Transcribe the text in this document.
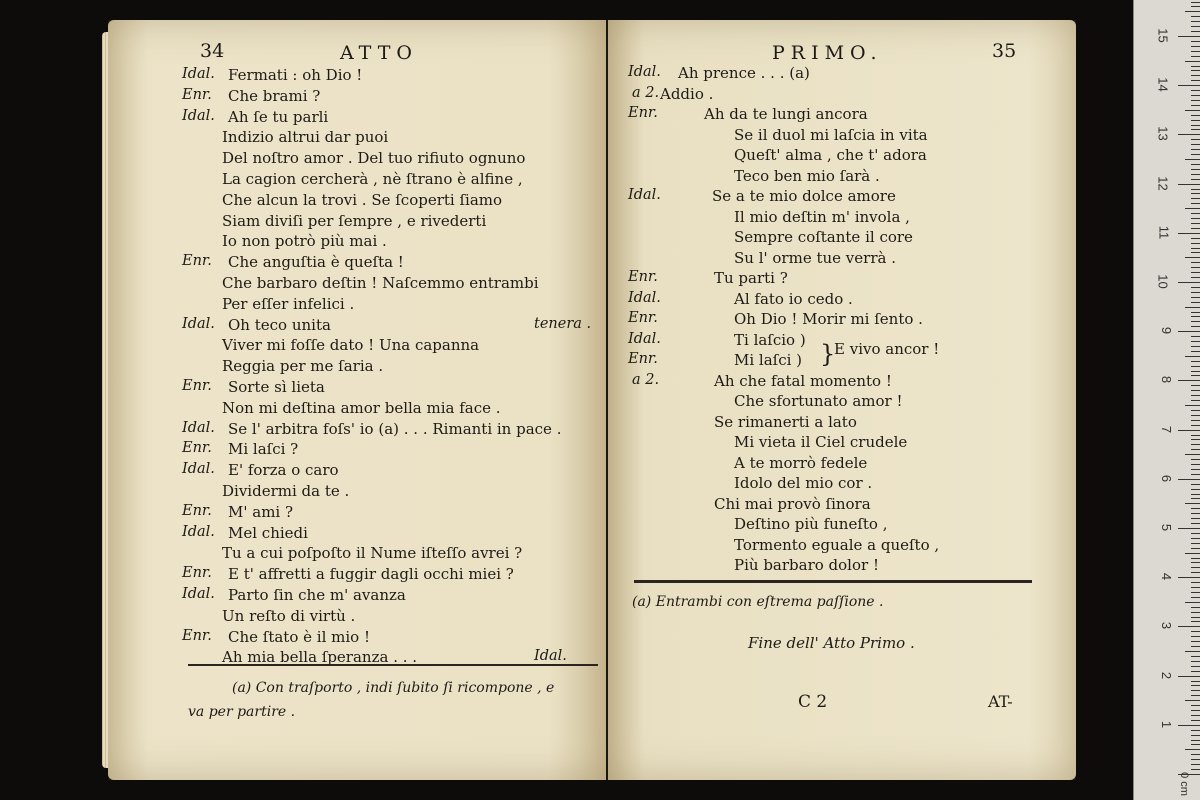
34	ATTO
Idal. Fermati : oh Dio !
Enr. Che brami ?
Idal. Ah ſe tu parli
Indizio altrui dar puoi
Del noſtro amor . Del tuo rifiuto ognuno
La cagion cercherà , nè ſtrano è alfine ,
Che alcun la trovi . Se ſcoperti ſiamo
Siam diviſi per ſempre , e rivederti
Io non potrò più mai .
Enr. Che anguſtia è queſta !
Che barbaro deſtin ! Naſcemmo entrambi
Per eſſer infelici .
Idal. Oh teco unita	tenera .
Viver mi foſſe dato ! Una capanna
Reggia per me ſaria .
Enr. Sorte sì lieta
Non mi deſtina amor bella mia face .
Idal. Se l' arbitra foſs' io (a) . . . Rimanti in pace .
Enr. Mi laſci ?
Idal. E' forza o caro
Dividermi da te .
Enr. M' ami ?
Idal. Mel chiedi
Tu a cui poſpoſto il Nume iſteſſo avrei ?
Enr. E t' affretti a fuggir dagli occhi miei ?
Idal. Parto ſin che m' avanza
Un reſto di virtù .
Enr. Che ſtato è il mio !
Ah mia bella ſperanza . . .	Idal.
(a) Con traſporto , indi ſubito ſi ricompone , e
va per partire .
PRIMO.	35
Idal. Ah prence . . . (a)
a 2. Addio .
Enr.	Ah da te lungi ancora
Se il duol mi laſcia in vita
Queſt' alma , che t' adora
Teco ben mio ſarà .
Idal.	Se a te mio dolce amore
Il mio deſtin m' invola ,
Sempre coſtante il core
Su l' orme tue verrà .
Enr.	Tu parti ?
Idal.	Al fato io cedo .
Enr.	Oh Dio ! Morir mi ſento .
Idal.	Ti laſcio )
Enr.	Mi laſci )
a 2.	Ah che fatal momento !
Che sfortunato amor !
Se rimanerti a lato
Mi vieta il Ciel crudele
A te morrò fedele
Idolo del mio cor .
Chi mai provò ſinora
Deſtino più funeſto ,
Tormento eguale a queſto ,
Più barbaro dolor !
}
E vivo ancor !
(a) Entrambi con eſtrema paſſione .
Fine dell' Atto Primo .
C 2	AT-
1
2
3
4
5
6
7
8
9
10
11
12
13
14
15
0 cm
